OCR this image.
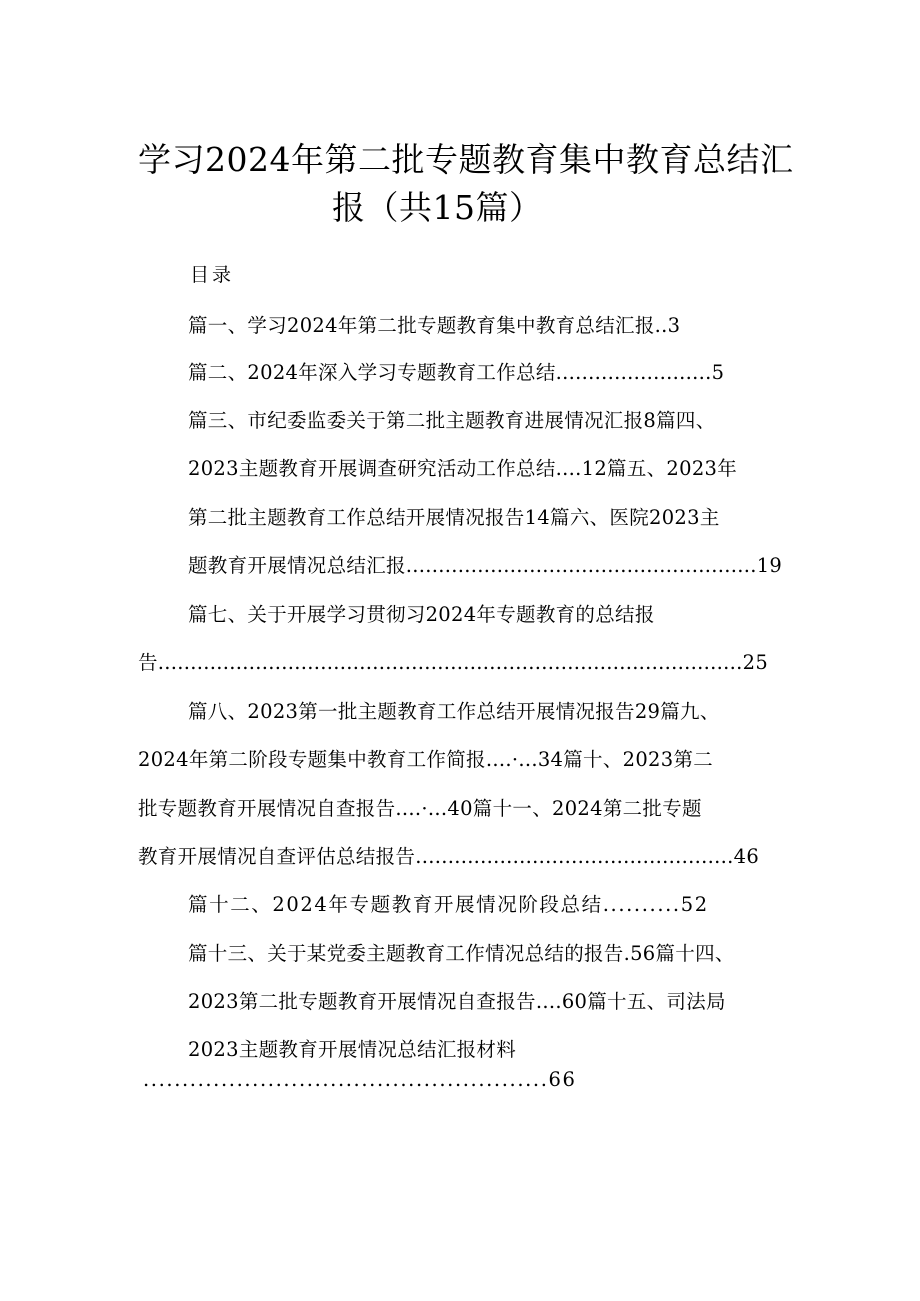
学习2024年第二批专题教育集中教育总结汇
报（共15篇）
目录
篇一、学习2024年第二批专题教育集中教育总结汇报..3
篇二、2024年深入学习专题教育工作总结........................5
篇三、市纪委监委关于第二批主题教育进展情况汇报8篇四、
2023主题教育开展调查研究活动工作总结....12篇五、2023年
第二批主题教育工作总结开展情况报告14篇六、医院2023主
题教育开展情况总结汇报......................................................19
篇七、关于开展学习贯彻习2024年专题教育的总结报
告..........................................................................................25
篇八、2023第一批主题教育工作总结开展情况报告29篇九、
2024年第二阶段专题集中教育工作简报....·...34篇十、2023第二
批专题教育开展情况自查报告....·...40篇十一、2024第二批专题
教育开展情况自查评估总结报告.................................................46
篇十二、2024年专题教育开展情况阶段总结..........52
篇十三、关于某党委主题教育工作情况总结的报告.56篇十四、
2023第二批专题教育开展情况自查报告....60篇十五、司法局
2023主题教育开展情况总结汇报材料
....................................................66
